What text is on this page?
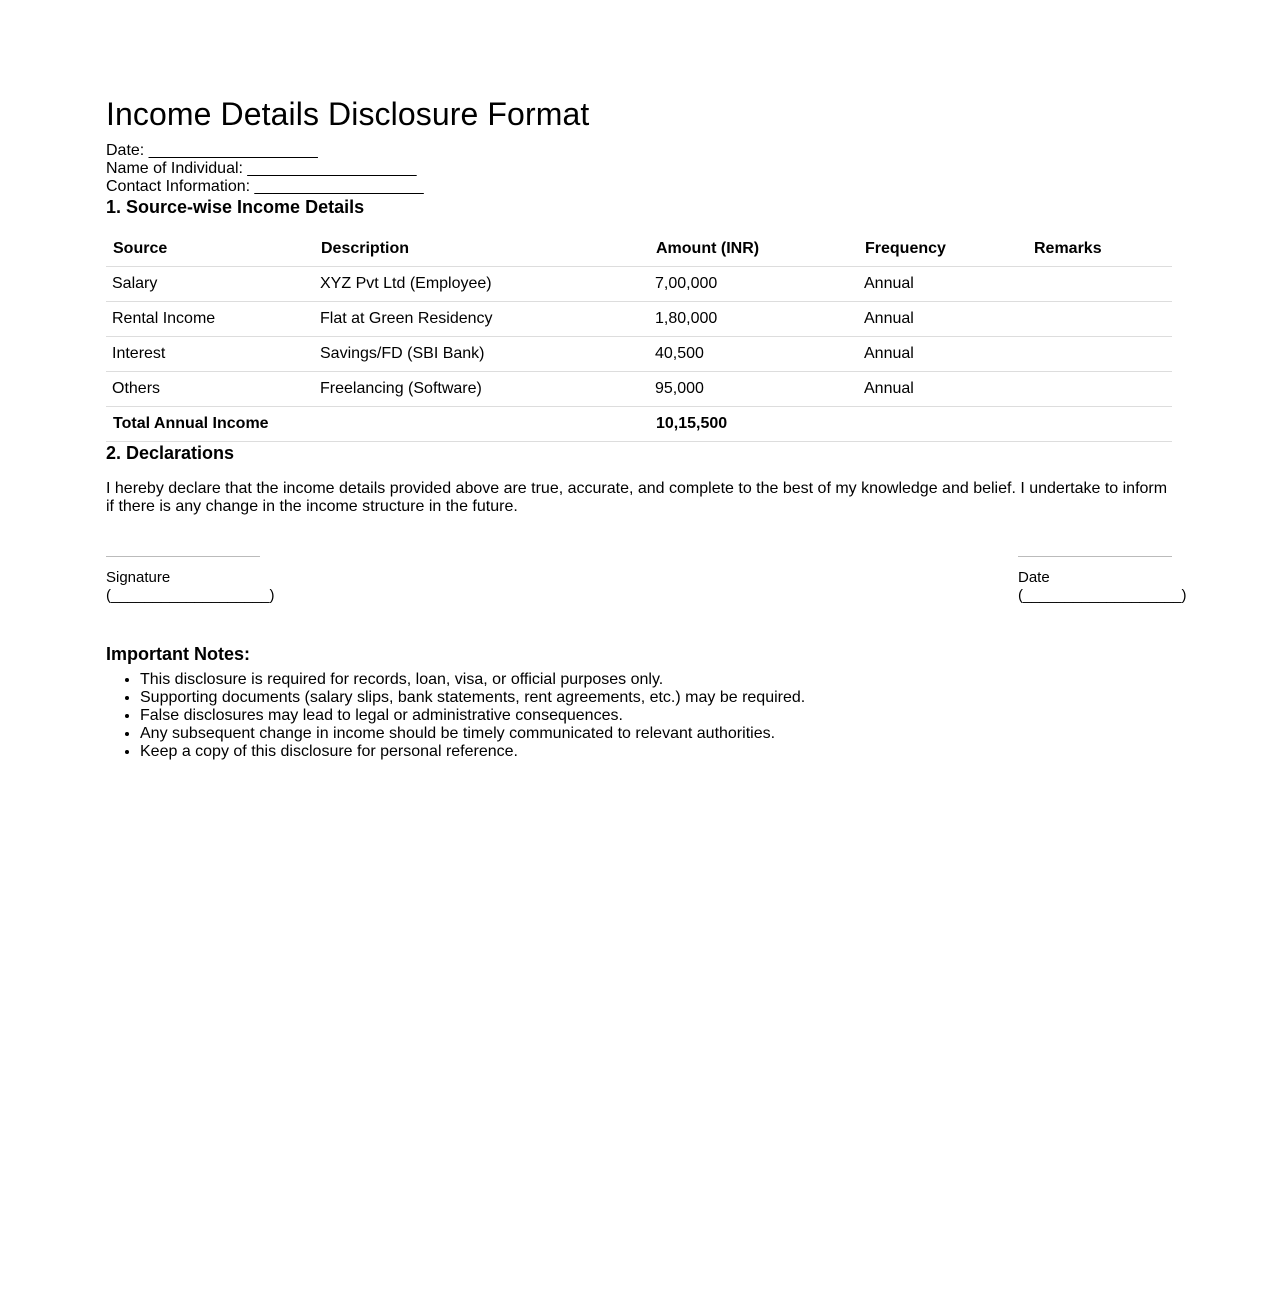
Income Details Disclosure Format
Date: ___________________
Name of Individual: ___________________
Contact Information: ___________________
1. Source-wise Income Details
Source	Description	Amount (INR)	Frequency	Remarks
Salary	XYZ Pvt Ltd (Employee)	7,00,000	Annual	
Rental Income	Flat at Green Residency	1,80,000	Annual	
Interest	Savings/FD (SBI Bank)	40,500	Annual	
Others	Freelancing (Software)	95,000	Annual	
Total Annual Income		10,15,500		
2. Declarations

I hereby declare that the income details provided above are true, accurate, and complete to the best of my knowledge and belief. I undertake to inform if there is any change in the income structure in the future.

Signature
(___________________)
Date
(___________________)
Important Notes:
• This disclosure is required for records, loan, visa, or official purposes only.
• Supporting documents (salary slips, bank statements, rent agreements, etc.) may be required.
• False disclosures may lead to legal or administrative consequences.
• Any subsequent change in income should be timely communicated to relevant authorities.
• Keep a copy of this disclosure for personal reference.
